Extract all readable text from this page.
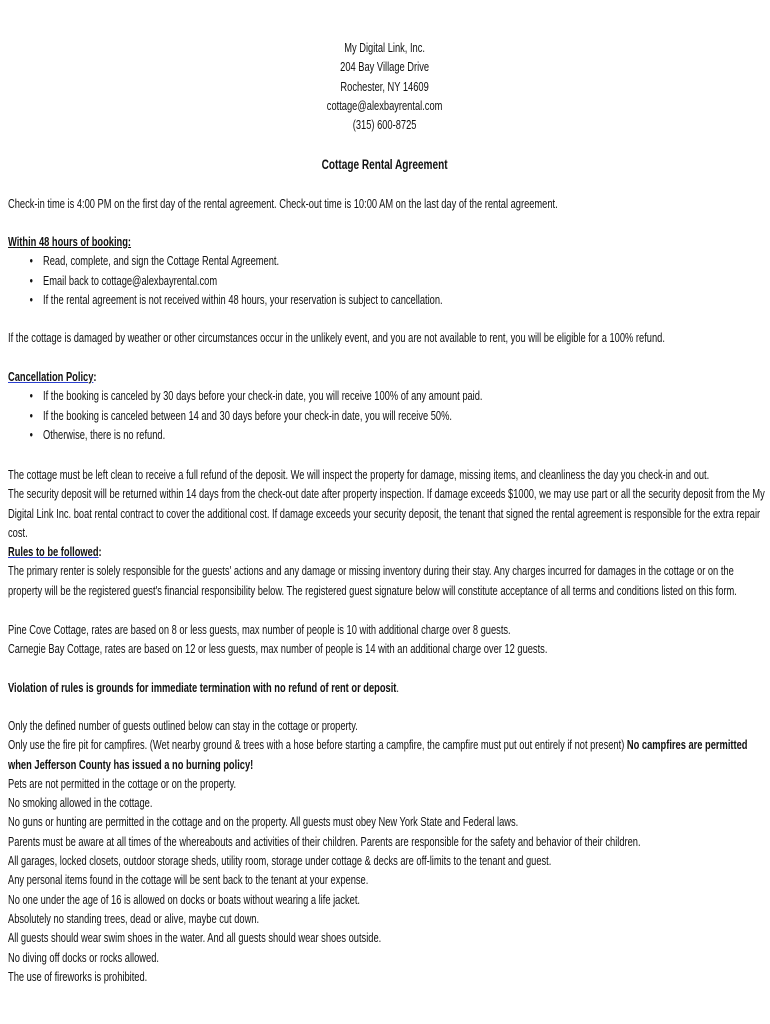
My Digital Link, Inc.

204 Bay Village Drive

Rochester, NY 14609

cottage@alexbayrental.com

(315) 600-8725

Cottage Rental Agreement
Check-in time is 4:00 PM on the first day of the rental agreement. Check-out time is 10:00 AM on the last day of the rental agreement.

Within 48 hours of booking:

• Read, complete, and sign the Cottage Rental Agreement.
• Email back to cottage@alexbayrental.com
• If the rental agreement is not received within 48 hours, your reservation is subject to cancellation.
If the cottage is damaged by weather or other circumstances occur in the unlikely event, and you are not available to rent, you will be eligible for a 100% refund.

Cancellation Policy:

• If the booking is canceled by 30 days before your check-in date, you will receive 100% of any amount paid.
• If the booking is canceled between 14 and 30 days before your check-in date, you will receive 50%.
• Otherwise, there is no refund.

The cottage must be left clean to receive a full refund of the deposit. We will inspect the property for damage, missing items, and cleanliness the day you check-in and out.

The security deposit will be returned within 14 days from the check-out date after property inspection. If damage exceeds $1000, we may use part or all the security deposit from the My Digital Link Inc. boat rental contract to cover the additional cost. If damage exceeds your security deposit, the tenant that signed the rental agreement is responsible for the extra repair cost.

Rules to be followed:

The primary renter is solely responsible for the guests' actions and any damage or missing inventory during their stay. Any charges incurred for damages in the cottage or on the property will be the registered guest's financial responsibility below. The registered guest signature below will constitute acceptance of all terms and conditions listed on this form.

Pine Cove Cottage, rates are based on 8 or less guests, max number of people is 10 with additional charge over 8 guests.

Carnegie Bay Cottage, rates are based on 12 or less guests, max number of people is 14 with an additional charge over 12 guests.

Violation of rules is grounds for immediate termination with no refund of rent or deposit.

Only the defined number of guests outlined below can stay in the cottage or property.

Only use the fire pit for campfires. (Wet nearby ground & trees with a hose before starting a campfire, the campfire must put out entirely if not present) No campfires are permitted when Jefferson County has issued a no burning policy!

Pets are not permitted in the cottage or on the property.

No smoking allowed in the cottage.

No guns or hunting are permitted in the cottage and on the property. All guests must obey New York State and Federal laws.

Parents must be aware at all times of the whereabouts and activities of their children. Parents are responsible for the safety and behavior of their children.

All garages, locked closets, outdoor storage sheds, utility room, storage under cottage & decks are off-limits to the tenant and guest.

Any personal items found in the cottage will be sent back to the tenant at your expense.

No one under the age of 16 is allowed on docks or boats without wearing a life jacket.

Absolutely no standing trees, dead or alive, maybe cut down.

All guests should wear swim shoes in the water. And all guests should wear shoes outside.

No diving off docks or rocks allowed.

The use of fireworks is prohibited.
